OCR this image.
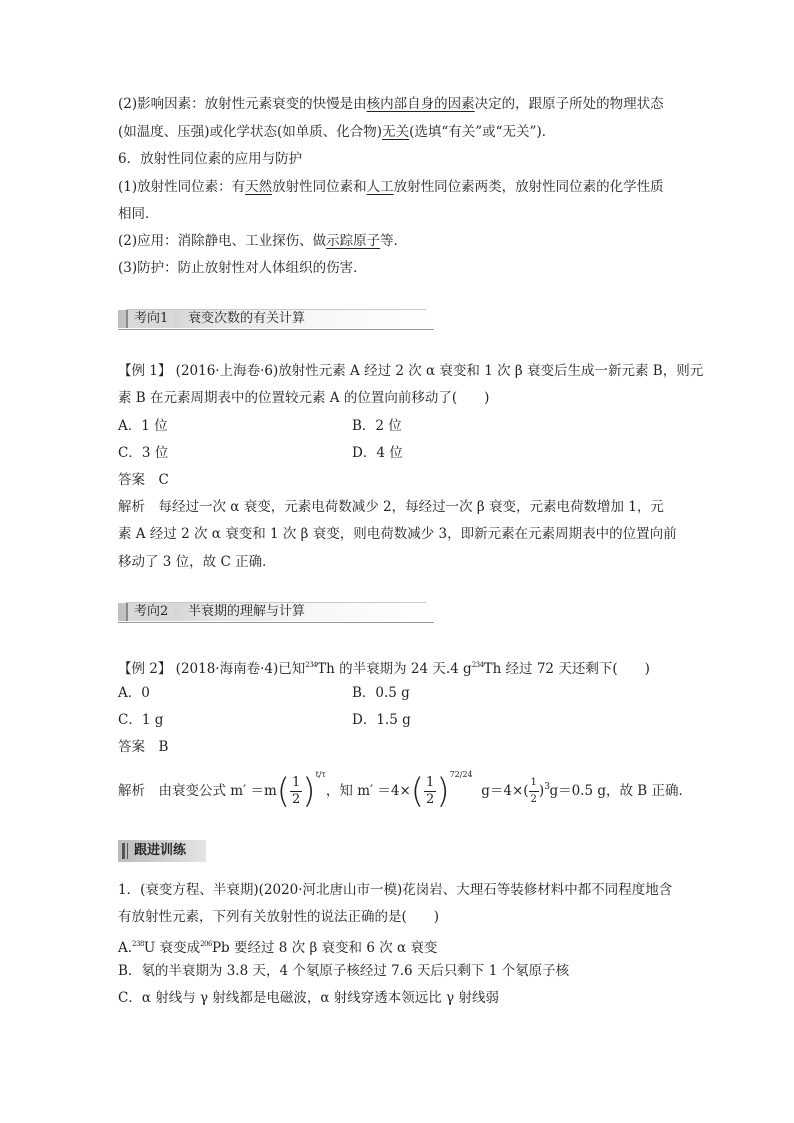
(2)影响因素：放射性元素衰变的快慢是由核内部自身的因素决定的，跟原子所处的物理状态
(如温度、压强)或化学状态(如单质、化合物)无关(选填“有关”或“无关”)．
6．放射性同位素的应用与防护
(1)放射性同位素：有天然放射性同位素和人工放射性同位素两类，放射性同位素的化学性质
相同．
(2)应用：消除静电、工业探伤、做示踪原子等．
(3)防护：防止放射性对人体组织的伤害．
考向1	衰变次数的有关计算
【例 1】 (2016·上海卷·6)放射性元素 A 经过 2 次 α 衰变和 1 次 β 衰变后生成一新元素 B，则元
素 B 在元素周期表中的位置较元素 A 的位置向前移动了(　　)
A．1 位	B．2 位
C．3 位	D．4 位
答案　C
解析　每经过一次 α 衰变，元素电荷数减少 2，每经过一次 β 衰变，元素电荷数增加 1，元
素 A 经过 2 次 α 衰变和 1 次 β 衰变，则电荷数减少 3，即新元素在元素周期表中的位置向前
移动了 3 位，故 C 正确．
考向2	半衰期的理解与计算
【例 2】 (2018·海南卷·4)已知$^{234}$Th 的半衰期为 24 天.4 $g^{234}Th$ 经过 72 天还剩下(　　)
A．0	B．0.5 g
C．1 g	D．1.5 g
答案　B
解析　由衰变公式 $m' =m( \frac{1}{2} )^{t/\tau}$，知 $m' =4\times( \frac{1}{2} )^{72/24}$  $g=4\times( \frac{1}{2} )^3g=0.5$ g，故 B 正确．
跟进训练
1．(衰变方程、半衰期)(2020·河北唐山市一模)花岗岩、大理石等装修材料中都不同程度地含
有放射性元素，下列有关放射性的说法正确的是(　　)
A.$^{238}$U 衰变成$^{206}$Pb 要经过 8 次 β 衰变和 6 次 α 衰变
B．氡的半衰期为 3.8 天，4 个氡原子核经过 7.6 天后只剩下 1 个氡原子核
C．α 射线与 γ 射线都是电磁波，α 射线穿透本领远比 γ 射线弱
